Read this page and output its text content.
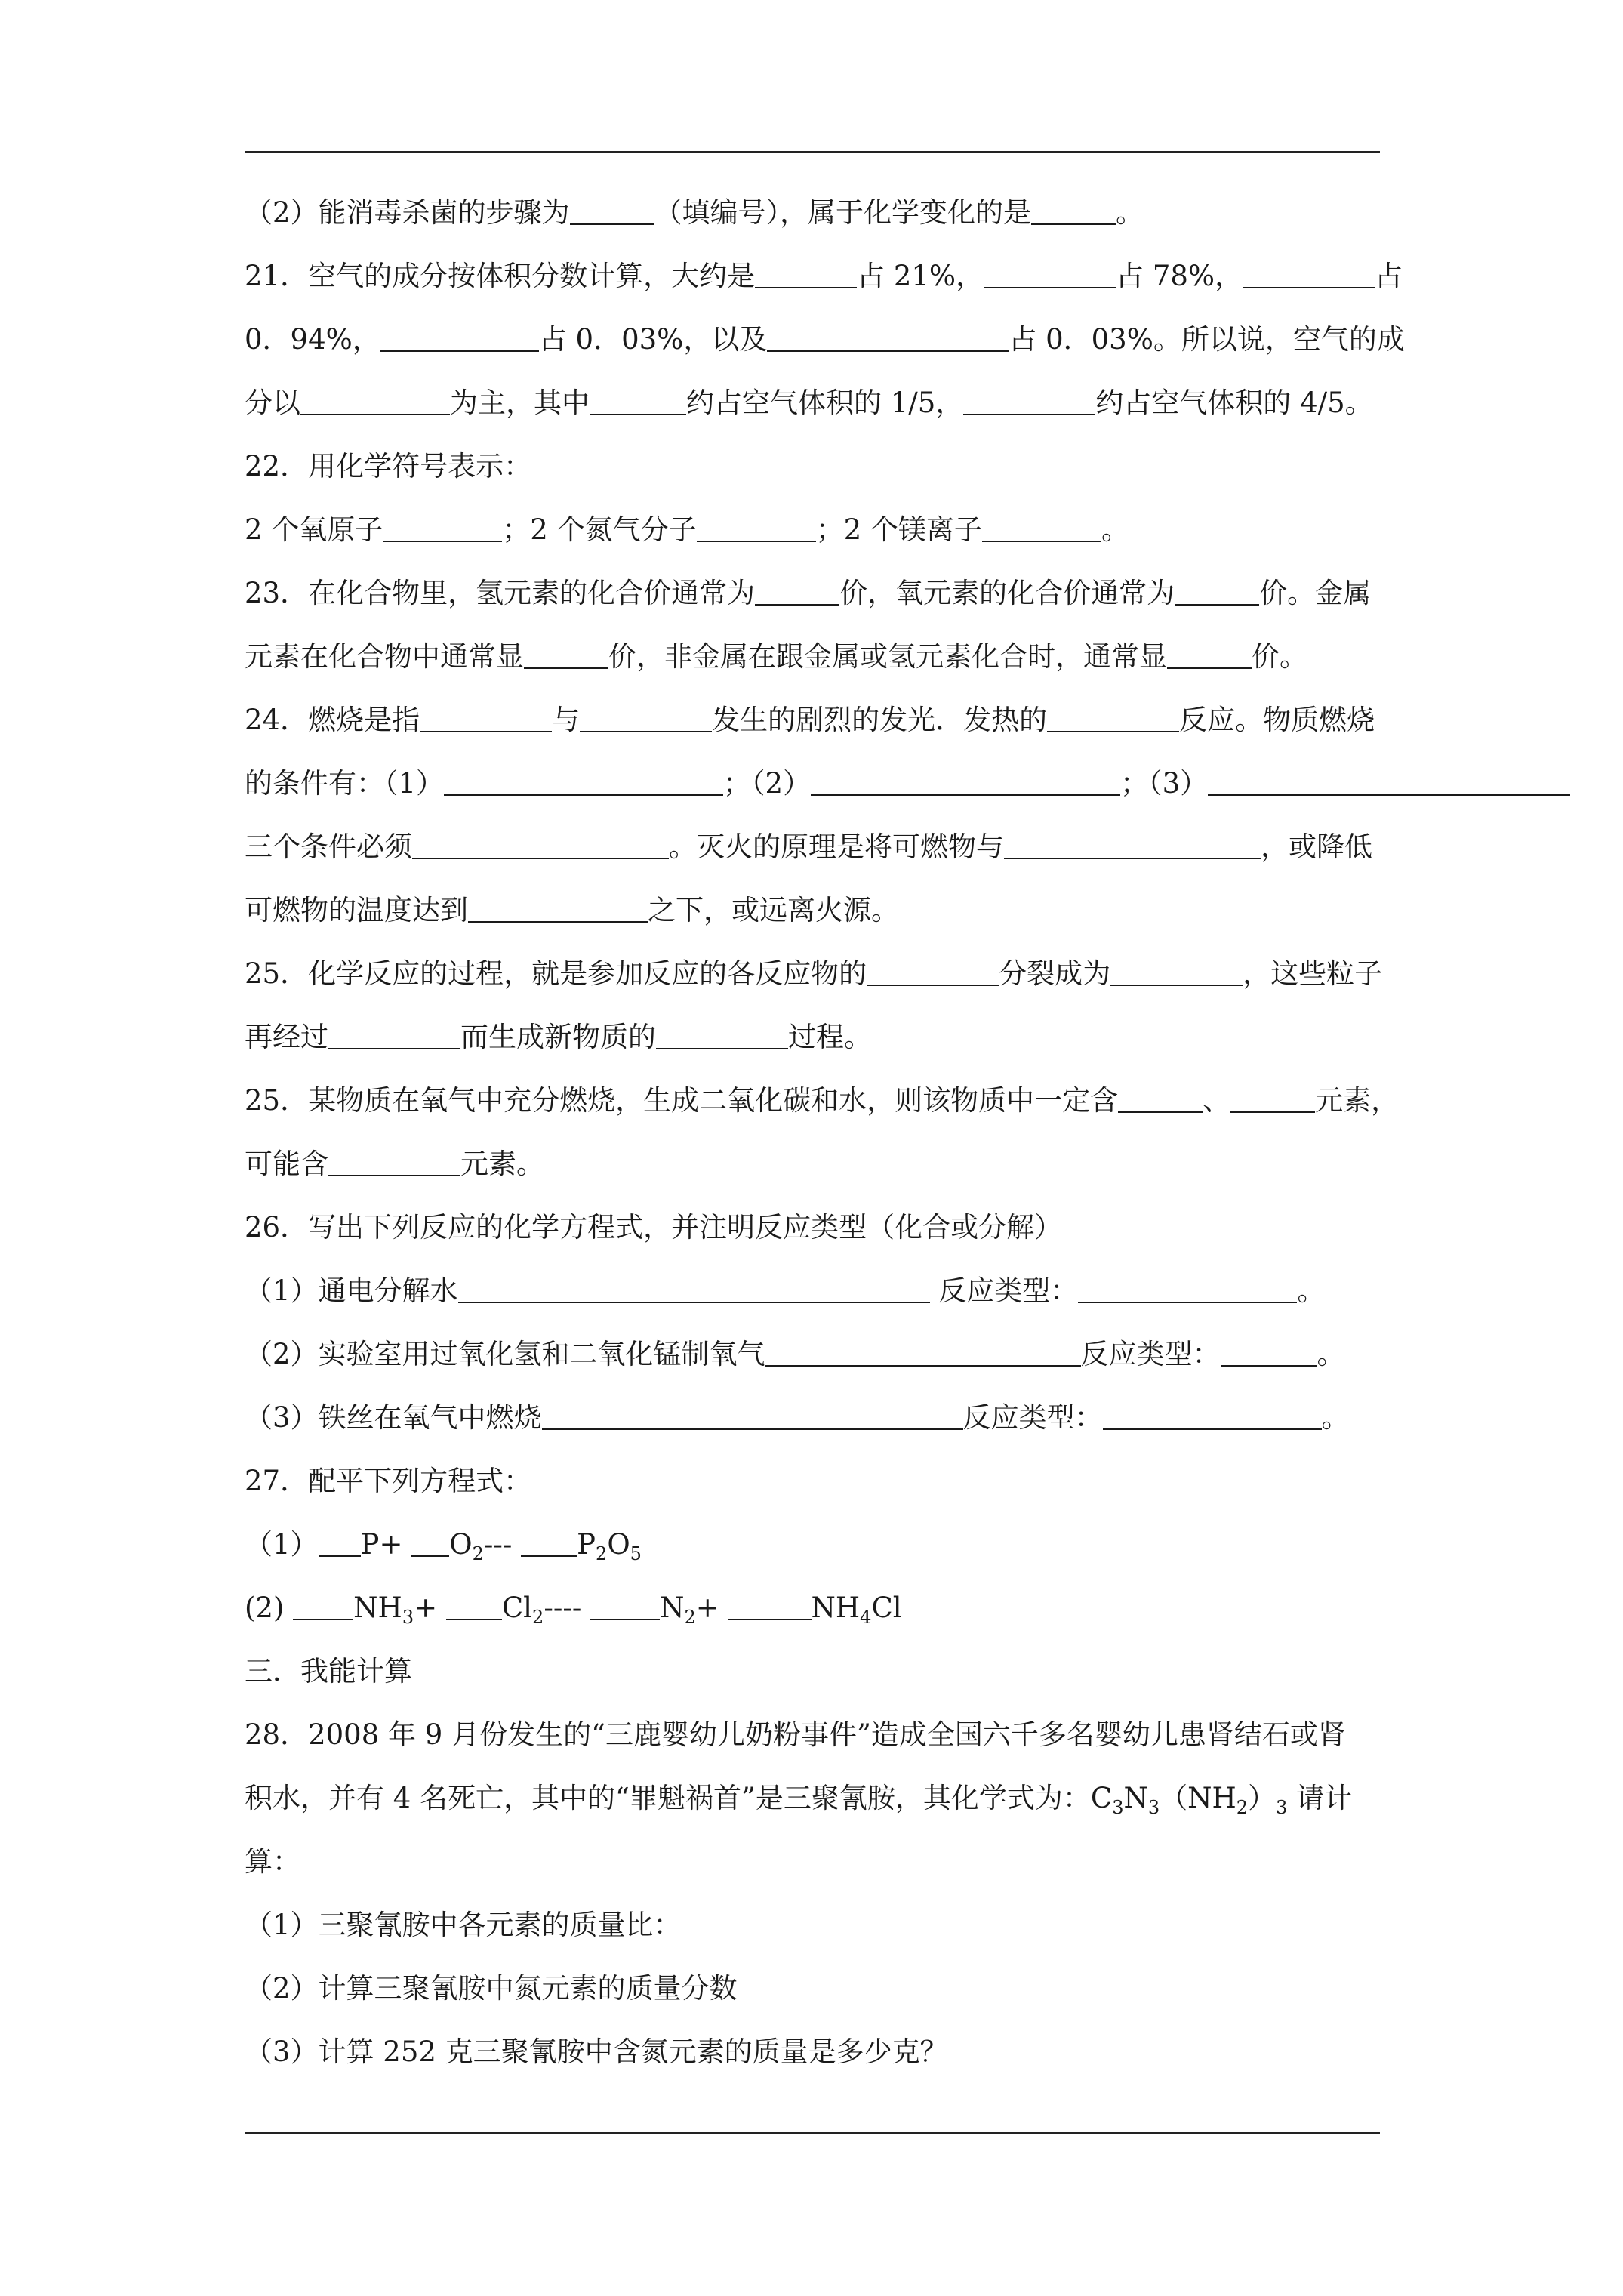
（2）能消毒杀菌的步骤为	（填编号），属于化学变化的是	。
21．空气的成分按体积分数计算，大约是	占 21%，	占 78%，	占
0．94%，	占 0．03%，以及	占 0．03%。所以说，空气的成
分以	为主，其中	约占空气体积的 1/5，	约占空气体积的 4/5。
22．用化学符号表示：
2 个氧原子	；2 个氮气分子	；2 个镁离子	。
23．在化合物里，氢元素的化合价通常为	价，氧元素的化合价通常为	价。金属
元素在化合物中通常显	价，非金属在跟金属或氢元素化合时，通常显	价。
24．燃烧是指	与	发生的剧烈的发光．发热的	反应。物质燃烧
的条件有：（1）	；（2）	；（3）
三个条件必须	。灭火的原理是将可燃物与	，或降低
可燃物的温度达到	之下，或远离火源。
25．化学反应的过程，就是参加反应的各反应物的	分裂成为	，这些粒子
再经过	而生成新物质的	过程。
25．某物质在氧气中充分燃烧，生成二氧化碳和水，则该物质中一定含	、	元素，
可能含	元素。
26．写出下列反应的化学方程式，并注明反应类型（化合或分解）
（1）通电分解水	反应类型：	。
（2）实验室用过氧化氢和二氧化锰制氧气	反应类型：	。
（3）铁丝在氧气中燃烧	反应类型：	。
27．配平下列方程式：
（1） $P+ O_2---$ $P_2O_5$
(2) $NH_3+ Cl_2----$ $N_2+$	$NH_4Cl$
三．我能计算
28．2008 年 9 月份发生的“三鹿婴幼儿奶粉事件”造成全国六千多名婴幼儿患肾结石或肾
积水，并有 4 名死亡，其中的“罪魁祸首”是三聚氰胺，其化学式为：$C_3N_3(NH_2)_3$ 请计
算：
（1）三聚氰胺中各元素的质量比：
（2）计算三聚氰胺中氮元素的质量分数
（3）计算 252 克三聚氰胺中含氮元素的质量是多少克？
